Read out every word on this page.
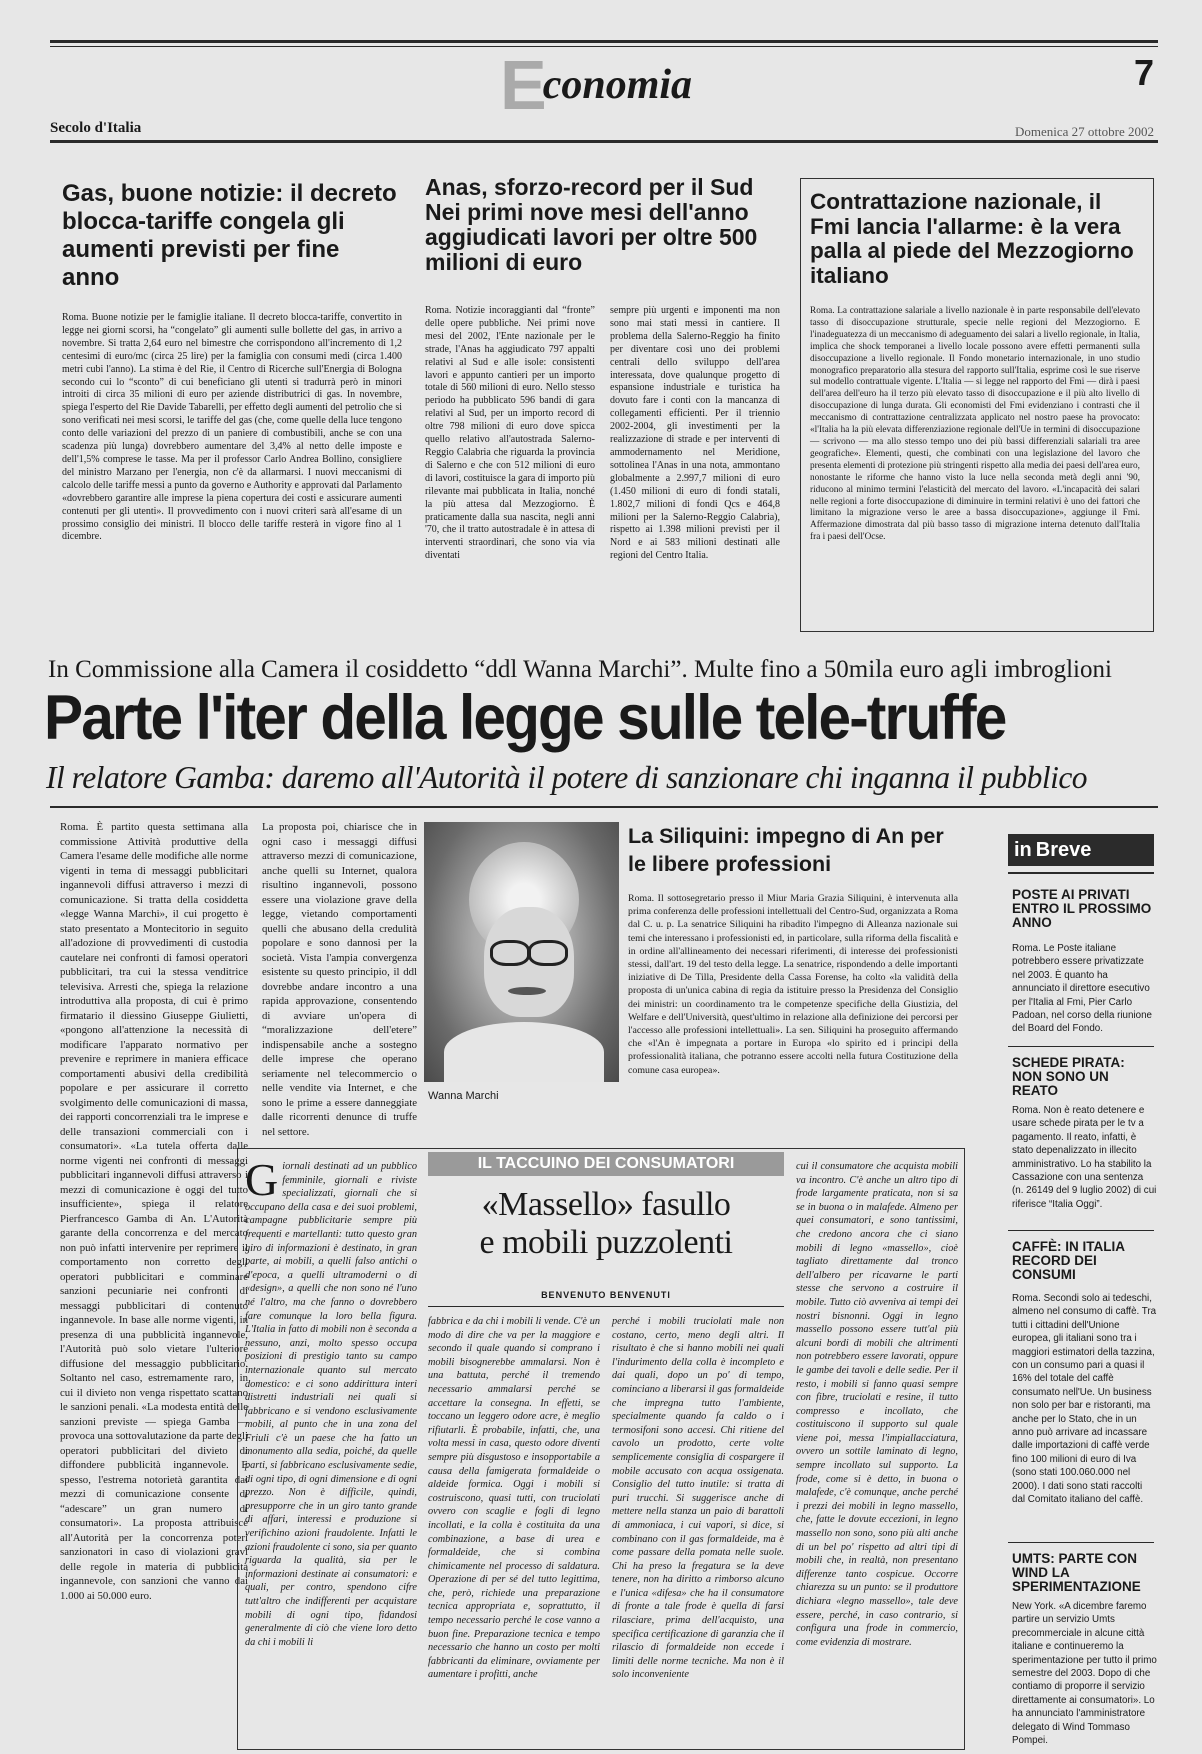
Economia	7
Secolo d'Italia	Domenica 27 ottobre 2002
Gas, buone notizie: il decreto blocca-tariffe congela gli aumenti previsti per fine anno

Roma. Buone notizie per le famiglie italiane. Il decreto blocca-tariffe, convertito in legge nei giorni scorsi, ha “congelato” gli aumenti sulle bollette del gas, in arrivo a novembre. Si tratta 2,64 euro nel bimestre che corrispondono all'incremento di 1,2 centesimi di euro/mc (circa 25 lire) per la famiglia con consumi medi (circa 1.400 metri cubi l'anno). La stima è del Rie, il Centro di Ricerche sull'Energia di Bologna secondo cui lo “sconto” di cui beneficiano gli utenti si tradurrà però in minori introiti di circa 35 milioni di euro per aziende distributrici di gas. In novembre, spiega l'esperto del Rie Davide Tabarelli, per effetto degli aumenti del petrolio che si sono verificati nei mesi scorsi, le tariffe del gas (che, come quelle della luce tengono conto delle variazioni del prezzo di un paniere di combustibili, anche se con una scadenza più lunga) dovrebbero aumentare del 3,4% al netto delle imposte e dell'1,5% comprese le tasse. Ma per il professor Carlo Andrea Bollino, consigliere del ministro Marzano per l'energia, non c'è da allarmarsi. I nuovi meccanismi di calcolo delle tariffe messi a punto da governo e Authority e approvati dal Parlamento «dovrebbero garantire alle imprese la piena copertura dei costi e assicurare aumenti contenuti per gli utenti». Il provvedimento con i nuovi criteri sarà all'esame di un prossimo consiglio dei ministri. Il blocco delle tariffe resterà in vigore fino al 1 dicembre.

Anas, sforzo-record per il Sud Nei primi nove mesi dell'anno aggiudicati lavori per oltre 500 milioni di euro

Roma. Notizie incoraggianti dal “fronte” delle opere pubbliche. Nei primi nove mesi del 2002, l'Ente nazionale per le strade, l'Anas ha aggiudicato 797 appalti relativi al Sud e alle isole: consistenti lavori e appunto cantieri per un importo totale di 560 milioni di euro. Nello stesso periodo ha pubblicato 596 bandi di gara relativi al Sud, per un importo record di oltre 798 milioni di euro dove spicca quello relativo all'autostrada Salerno-Reggio Calabria che riguarda la provincia di Salerno e che con 512 milioni di euro di lavori, costituisce la gara di importo più rilevante mai pubblicata in Italia, nonché la più attesa dal Mezzogiorno. È praticamente dalla sua nascita, negli anni '70, che il tratto autostradale è in attesa di interventi straordinari, che sono via via diventati

sempre più urgenti e imponenti ma non sono mai stati messi in cantiere. Il problema della Salerno-Reggio ha finito per diventare così uno dei problemi centrali dello sviluppo dell'area interessata, dove qualunque progetto di espansione industriale e turistica ha dovuto fare i conti con la mancanza di collegamenti efficienti. Per il triennio 2002-2004, gli investimenti per la realizzazione di strade e per interventi di ammodernamento nel Meridione, sottolinea l'Anas in una nota, ammontano globalmente a 2.997,7 milioni di euro (1.450 milioni di euro di fondi statali, 1.802,7 milioni di fondi Qcs e 464,8 milioni per la Salerno-Reggio Calabria), rispetto ai 1.398 milioni previsti per il Nord e ai 583 milioni destinati alle regioni del Centro Italia.

Contrattazione nazionale, il Fmi lancia l'allarme: è la vera palla al piede del Mezzogiorno italiano

Roma. La contrattazione salariale a livello nazionale è in parte responsabile dell'elevato tasso di disoccupazione strutturale, specie nelle regioni del Mezzogiorno. E l'inadeguatezza di un meccanismo di adeguamento dei salari a livello regionale, in Italia, implica che shock temporanei a livello locale possono avere effetti permanenti sulla disoccupazione a livello regionale. Il Fondo monetario internazionale, in uno studio monografico preparatorio alla stesura del rapporto sull'Italia, esprime così le sue riserve sul modello contrattuale vigente. L'Italia — si legge nel rapporto del Fmi — dirà i paesi dell'area dell'euro ha il terzo più elevato tasso di disoccupazione e il più alto livello di disoccupazione di lunga durata. Gli economisti del Fmi evidenziano i contrasti che il meccanismo di contrattazione centralizzata applicato nel nostro paese ha provocato: «l'Italia ha la più elevata differenziazione regionale dell'Ue in termini di disoccupazione — scrivono — ma allo stesso tempo uno dei più bassi differenziali salariali tra aree geografiche». Elementi, questi, che combinati con una legislazione del lavoro che presenta elementi di protezione più stringenti rispetto alla media dei paesi dell'area euro, nonostante le riforme che hanno visto la luce nella seconda metà degli anni '90, riducono al minimo termini l'elasticità del mercato del lavoro. «L'incapacità dei salari nelle regioni a forte disoccupazione di diminuire in termini relativi è uno dei fattori che limitano la migrazione verso le aree a bassa disoccupazione», aggiunge il Fmi. Affermazione dimostrata dal più basso tasso di migrazione interna detenuto dall'Italia fra i paesi dell'Ocse.

In Commissione alla Camera il cosiddetto “ddl Wanna Marchi”. Multe fino a 50mila euro agli imbroglioni
Parte l'iter della legge sulle tele-truffe
Il relatore Gamba: daremo all'Autorità il potere di sanzionare chi inganna il pubblico

Roma. È partito questa settimana alla commissione Attività produttive della Camera l'esame delle modifiche alle norme vigenti in tema di messaggi pubblicitari ingannevoli diffusi attraverso i mezzi di comunicazione. Si tratta della cosiddetta «legge Wanna Marchi», il cui progetto è stato presentato a Montecitorio in seguito all'adozione di provvedimenti di custodia cautelare nei confronti di famosi operatori pubblicitari, tra cui la stessa venditrice televisiva. Arresti che, spiega la relazione introduttiva alla proposta, di cui è primo firmatario il diessino Giuseppe Giulietti, «pongono all'attenzione la necessità di modificare l'apparato normativo per prevenire e reprimere in maniera efficace comportamenti abusivi della credibilità popolare e per assicurare il corretto svolgimento delle comunicazioni di massa, dei rapporti concorrenziali tra le imprese e delle transazioni commerciali con i consumatori». «La tutela offerta dalle norme vigenti nei confronti di messaggi pubblicitari ingannevoli diffusi attraverso i mezzi di comunicazione è oggi del tutto insufficiente», spiega il relatore Pierfrancesco Gamba di An. L'Autorità garante della concorrenza e del mercato non può infatti intervenire per reprimere il comportamento non corretto degli operatori pubblicitari e comminare sanzioni pecuniarie nei confronti di messaggi pubblicitari di contenuto ingannevole. In base alle norme vigenti, in presenza di una pubblicità ingannevole, l'Autorità può solo vietare l'ulteriore diffusione del messaggio pubblicitario. Soltanto nel caso, estremamente raro, in cui il divieto non venga rispettato scattano le sanzioni penali. «La modesta entità delle sanzioni previste — spiega Gamba — provoca una sottovalutazione da parte degli operatori pubblicitari del divieto di diffondere pubblicità ingannevole. E spesso, l'estrema notorietà garantita dai mezzi di comunicazione consente di “adescare” un gran numero di consumatori». La proposta attribuisce all'Autorità per la concorrenza poteri sanzionatori in caso di violazioni gravi delle regole in materia di pubblicità ingannevole, con sanzioni che vanno dai 1.000 ai 50.000 euro.

La proposta poi, chiarisce che in ogni caso i messaggi diffusi attraverso mezzi di comunicazione, anche quelli su Internet, qualora risultino ingannevoli, possono essere una violazione grave della legge, vietando comportamenti quelli che abusano della credulità popolare e sono dannosi per la società. Vista l'ampia convergenza esistente su questo principio, il ddl dovrebbe andare incontro a una rapida approvazione, consentendo di avviare un'opera di “moralizzazione dell'etere” indispensabile anche a sostegno delle imprese che operano seriamente nel telecommercio o nelle vendite via Internet, e che sono le prime a essere danneggiate dalle ricorrenti denunce di truffe nel settore.

Wanna Marchi
La Siliquini: impegno di An per le libere professioni

Roma. Il sottosegretario presso il Miur Maria Grazia Siliquini, è intervenuta alla prima conferenza delle professioni intellettuali del Centro-Sud, organizzata a Roma dal C. u. p. La senatrice Siliquini ha ribadito l'impegno di Alleanza nazionale sui temi che interessano i professionisti ed, in particolare, sulla riforma della fiscalità e in ordine all'allineamento dei necessari riferimenti, di interesse dei professionisti stessi, dall'art. 19 del testo della legge. La senatrice, rispondendo a delle importanti iniziative di De Tilla, Presidente della Cassa Forense, ha colto «la validità della proposta di un'unica cabina di regia da istituire presso la Presidenza del Consiglio dei ministri: un coordinamento tra le competenze specifiche della Giustizia, del Welfare e dell'Università, quest'ultimo in relazione alla definizione dei percorsi per l'accesso alle professioni intellettuali». La sen. Siliquini ha proseguito affermando che «l'An è impegnata a portare in Europa «lo spirito ed i principi della professionalità italiana, che potranno essere accolti nella futura Costituzione della comune casa europea».

G iornali destinati ad un pubblico femminile, giornali e riviste specializzati, giornali che si occupano della casa e dei suoi problemi, campagne pubblicitarie sempre più frequenti e martellanti: tutto questo gran giro di informazioni è destinato, in gran parte, ai mobili, a quelli falso antichi o d'epoca, a quelli ultramoderni o di «design», a quelli che non sono né l'uno né l'altro, ma che fanno o dovrebbero fare comunque la loro bella figura. L'Italia in fatto di mobili non è seconda a nessuno, anzi, molto spesso occupa posizioni di prestigio tanto su campo internazionale quanto sul mercato domestico: e ci sono addirittura interi distretti industriali nei quali si fabbricano e si vendono esclusivamente mobili, al punto che in una zona del Friuli c'è un paese che ha fatto un monumento alla sedia, poiché, da quelle parti, si fabbricano esclusivamente sedie, di ogni tipo, di ogni dimensione e di ogni prezzo. Non è difficile, quindi, presupporre che in un giro tanto grande di affari, interessi e produzione si verifichino azioni fraudolente. Infatti le azioni fraudolente ci sono, sia per quanto riguarda la qualità, sia per le informazioni destinate ai consumatori: e quali, per contro, spendono cifre tutt'altro che indifferenti per acquistare mobili di ogni tipo, fidandosi generalmente di ciò che viene loro detto da chi i mobili li

IL TACCUINO DEI CONSUMATORI
«Massello» fasullo
e mobili puzzolenti
BENVENUTO BENVENUTI

fabbrica e da chi i mobili li vende. C'è un modo di dire che va per la maggiore e secondo il quale quando si comprano i mobili bisognerebbe ammalarsi. Non è una battuta, perché il tremendo necessario ammalarsi perché se accettare la consegna. In effetti, se toccano un leggero odore acre, è meglio rifiutarli. È probabile, infatti, che, una volta messi in casa, questo odore diventi sempre più disgustoso e insopportabile a causa della famigerata formaldeide o aldeide formica. Oggi i mobili si costruiscono, quasi tutti, con truciolati ovvero con scaglie e fogli di legno incollati, e la colla è costituita da una combinazione, a base di urea e formaldeide, che si combina chimicamente nel processo di saldatura. Operazione di per sé del tutto legittima, che, però, richiede una preparazione tecnica appropriata e, soprattutto, il tempo necessario perché le cose vanno a buon fine. Preparazione tecnica e tempo necessario che hanno un costo per molti fabbricanti da eliminare, ovviamente per aumentare i profitti, anche

perché i mobili truciolati male non costano, certo, meno degli altri. Il risultato è che si hanno mobili nei quali l'indurimento della colla è incompleto e dai quali, dopo un po' di tempo, cominciano a liberarsi il gas formaldeide che impregna tutto l'ambiente, specialmente quando fa caldo o i termosifoni sono accesi. Chi ritiene del cavolo un prodotto, certe volte semplicemente consiglia di cospargere il mobile accusato con acqua ossigenata. Consiglio del tutto inutile: si tratta di puri trucchi. Si suggerisce anche di mettere nella stanza un paio di barattoli di ammoniaca, i cui vapori, si dice, si combinano con il gas formaldeide, ma è come passare della pomata nelle suole. Chi ha preso la fregatura se la deve tenere, non ha diritto a rimborso alcuno e l'unica «difesa» che ha il consumatore di fronte a tale frode è quella di farsi rilasciare, prima dell'acquisto, una specifica certificazione di garanzia che il rilascio di formaldeide non eccede i limiti delle norme tecniche. Ma non è il solo inconveniente

cui il consumatore che acquista mobili va incontro. C'è anche un altro tipo di frode largamente praticata, non si sa se in buona o in malafede. Almeno per quei consumatori, e sono tantissimi, che credono ancora che ci siano mobili di legno «massello», cioè tagliato direttamente dal tronco dell'albero per ricavarne le parti stesse che servono a costruire il mobile. Tutto ciò avveniva ai tempi dei nostri bisnonni. Oggi in legno massello possono essere tutt'al più alcuni bordi di mobili che altrimenti non potrebbero essere lavorati, oppure le gambe dei tavoli e delle sedie. Per il resto, i mobili si fanno quasi sempre con fibre, truciolati e resine, il tutto compresso e incollato, che costituiscono il supporto sul quale viene poi, messa l'impiallacciatura, ovvero un sottile laminato di legno, sempre incollato sul supporto. La frode, come si è detto, in buona o malafede, c'è comunque, anche perché i prezzi dei mobili in legno massello, che, fatte le dovute eccezioni, in legno massello non sono, sono più alti anche di un bel po' rispetto ad altri tipi di mobili che, in realtà, non presentano differenze tanto cospicue. Occorre chiarezza su un punto: se il produttore dichiara «legno massello», tale deve essere, perché, in caso contrario, si configura una frode in commercio, come evidenzia di mostrare.

in Breve
POSTE AI PRIVATI ENTRO IL PROSSIMO ANNO

Roma. Le Poste italiane potrebbero essere privatizzate nel 2003. È quanto ha annunciato il direttore esecutivo per l'Italia al Fmi, Pier Carlo Padoan, nel corso della riunione del Board del Fondo.

SCHEDE PIRATA: NON SONO UN REATO

Roma. Non è reato detenere e usare schede pirata per le tv a pagamento. Il reato, infatti, è stato depenalizzato in illecito amministrativo. Lo ha stabilito la Cassazione con una sentenza (n. 26149 del 9 luglio 2002) di cui riferisce “Italia Oggi”.

CAFFÈ: IN ITALIA RECORD DEI CONSUMI

Roma. Secondi solo ai tedeschi, almeno nel consumo di caffè. Tra tutti i cittadini dell'Unione europea, gli italiani sono tra i maggiori estimatori della tazzina, con un consumo pari a quasi il 16% del totale del caffè consumato nell'Ue. Un business non solo per bar e ristoranti, ma anche per lo Stato, che in un anno può arrivare ad incassare dalle importazioni di caffè verde fino 100 milioni di euro di Iva (sono stati 100.060.000 nel 2000). I dati sono stati raccolti dal Comitato italiano del caffè.

UMTS: PARTE CON WIND LA SPERIMENTAZIONE

New York. «A dicembre faremo partire un servizio Umts precommerciale in alcune città italiane e continueremo la sperimentazione per tutto il primo semestre del 2003. Dopo di che contiamo di proporre il servizio direttamente ai consumatori». Lo ha annunciato l'amministratore delegato di Wind Tommaso Pompei.
